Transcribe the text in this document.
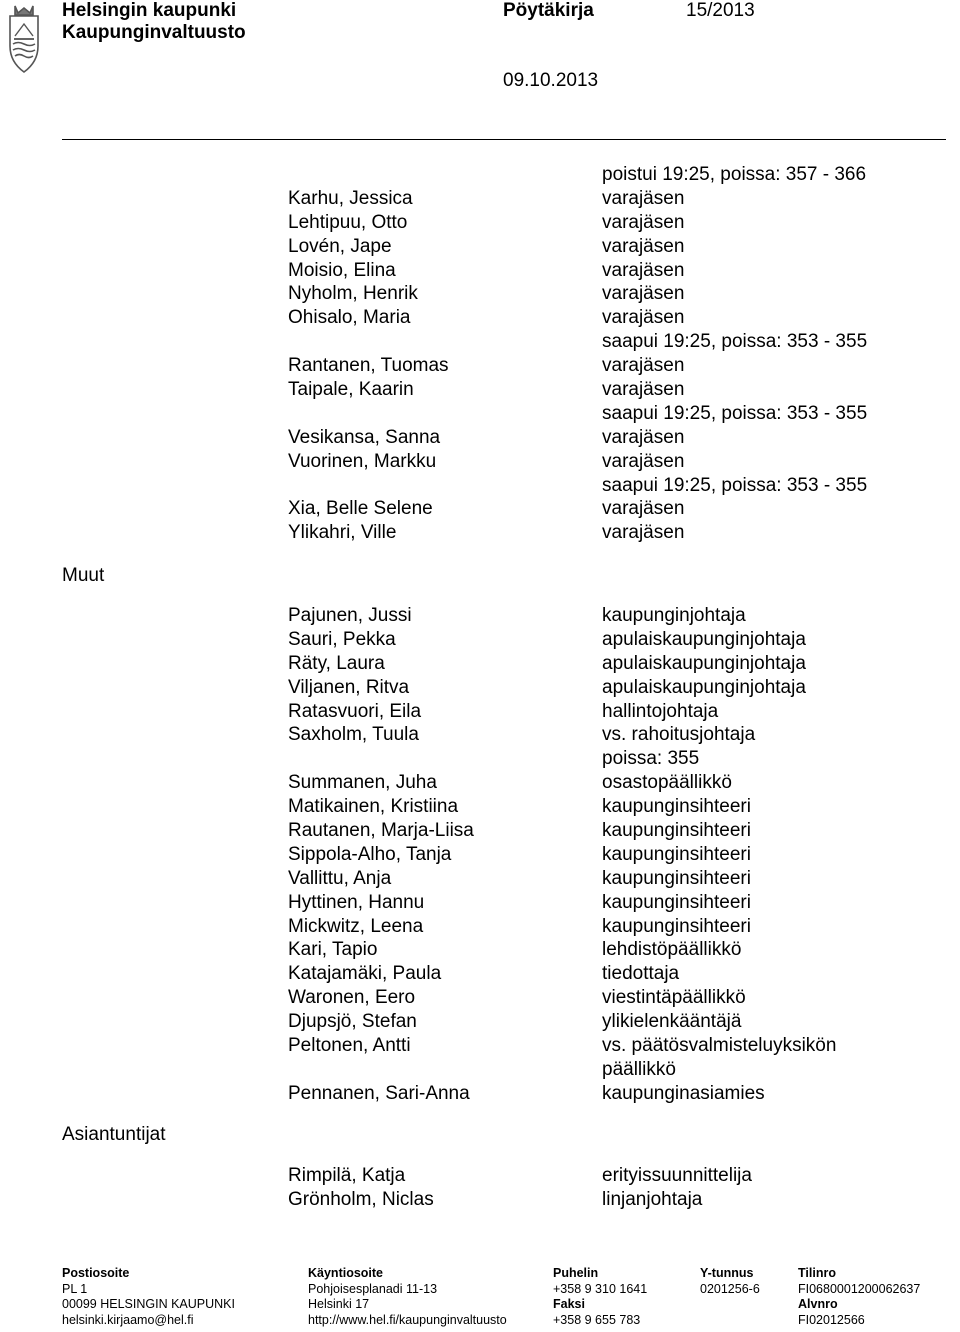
Helsingin kaupunki
Kaupunginvaltuusto
Pöytäkirja	15/2013
09.10.2013
Karhu, Jessica
Lehtipuu, Otto
Lovén, Jape
Moisio, Elina
Nyholm, Henrik
Ohisalo, Maria
Rantanen, Tuomas
Taipale, Kaarin
Vesikansa, Sanna
Vuorinen, Markku
Xia, Belle Selene
Ylikahri, Ville
poistui 19:25, poissa: 357 - 366
varajäsen
varajäsen
varajäsen
varajäsen
varajäsen
varajäsen
saapui 19:25, poissa: 353 - 355
varajäsen
varajäsen
saapui 19:25, poissa: 353 - 355
varajäsen
varajäsen
saapui 19:25, poissa: 353 - 355
varajäsen
varajäsen
Muut
Asiantuntijat
Pajunen, Jussi
Sauri, Pekka
Räty, Laura
Viljanen, Ritva
Ratasvuori, Eila
Saxholm, Tuula
Summanen, Juha
Matikainen, Kristiina
Rautanen, Marja-Liisa
Sippola-Alho, Tanja
Vallittu, Anja
Hyttinen, Hannu
Mickwitz, Leena
Kari, Tapio
Katajamäki, Paula
Waronen, Eero
Djupsjö, Stefan
Peltonen, Antti
Pennanen, Sari-Anna
kaupunginjohtaja
apulaiskaupunginjohtaja
apulaiskaupunginjohtaja
apulaiskaupunginjohtaja
hallintojohtaja
vs. rahoitusjohtaja
poissa: 355
osastopäällikkö
kaupunginsihteeri
kaupunginsihteeri
kaupunginsihteeri
kaupunginsihteeri
kaupunginsihteeri
kaupunginsihteeri
lehdistöpäällikkö
tiedottaja
viestintäpäällikkö
ylikielenkääntäjä
vs. päätösvalmisteluyksikön
päällikkö
kaupunginasiamies
Rimpilä, Katja
Grönholm, Niclas
erityissuunnittelija
linjanjohtaja
Postiosoite
PL 1
00099 HELSINGIN KAUPUNKI
helsinki.kirjaamo@hel.fi
Käyntiosoite
Pohjoisesplanadi 11-13
Helsinki 17
http://www.hel.fi/kaupunginvaltuusto
Puhelin
+358 9 310 1641
Faksi
+358 9 655 783
Y-tunnus
0201256-6
Tilinro
FI0680001200062637
Alvnro
FI02012566
